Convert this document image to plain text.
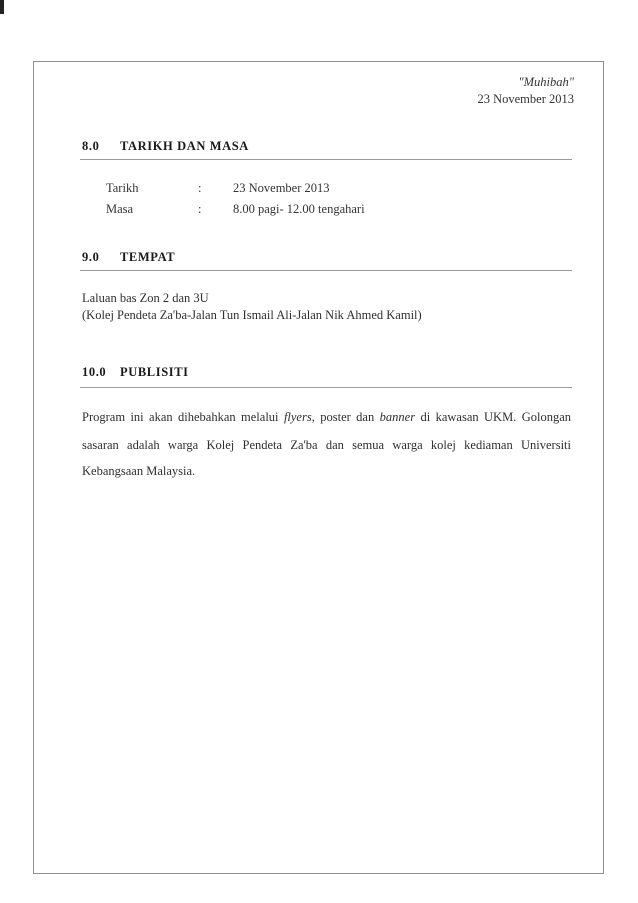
"Muhibah"
23 November 2013
8.0 TARIKH DAN MASA
Tarikh	:	23 November 2013
Masa	:	8.00 pagi- 12.00 tengahari
9.0 TEMPAT
Laluan bas Zon 2 dan 3U
(Kolej Pendeta Za'ba-Jalan Tun Ismail Ali-Jalan Nik Ahmed Kamil)
10.0 PUBLISITI
Program ini akan dihebahkan melalui flyers, poster dan banner di kawasan UKM. Golongan
sasaran adalah warga Kolej Pendeta Za'ba dan semua warga kolej kediaman Universiti
Kebangsaan Malaysia.
